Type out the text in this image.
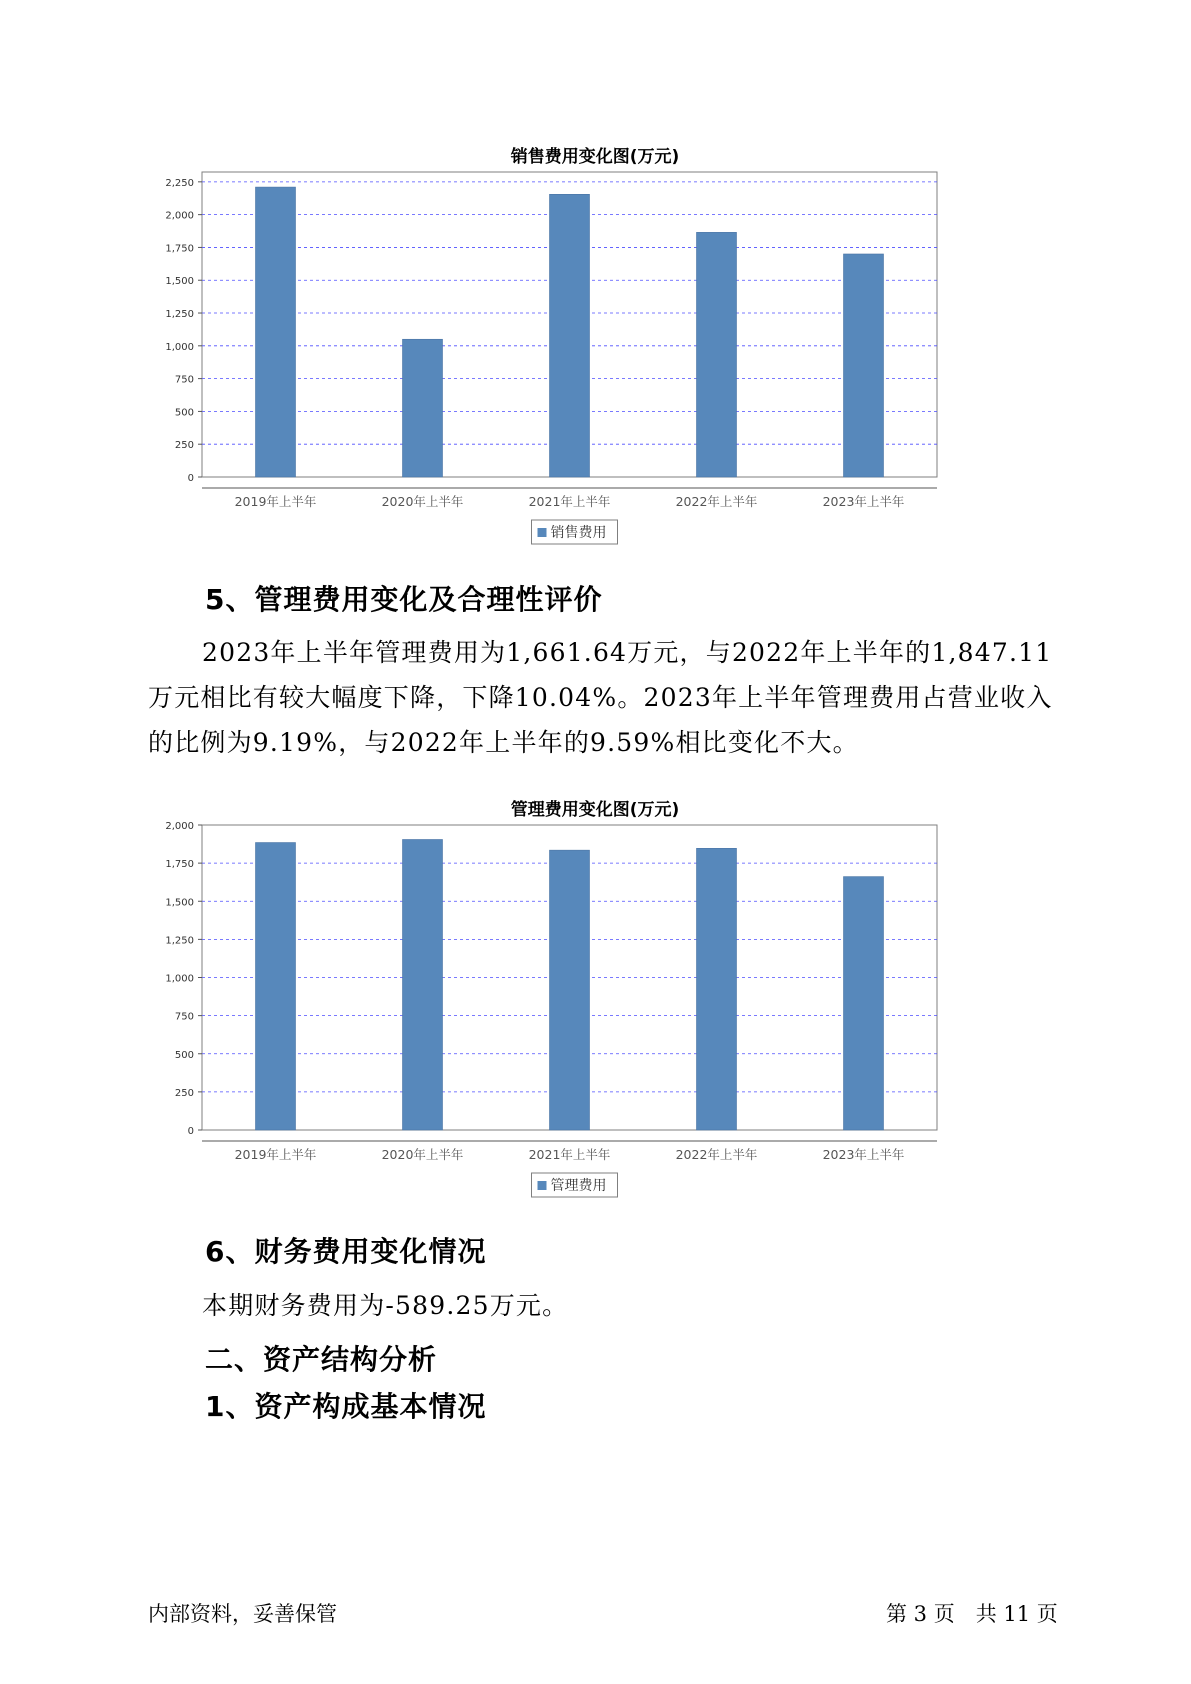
销售费用变化图(万元)
0
250
500
750
1,000
1,250
1,500
1,750
2,000
2,250
2019年上半年	2020年上半年	2021年上半年	2022年上半年	2023年上半年
销售费用
5、管理费用变化及合理性评价
2023年上半年管理费用为1,661.64万元，与2022年上半年的1,847.11万元相比有较大幅度下降，下降10.04%。2023年上半年管理费用占营业收入的比例为9.19%，与2022年上半年的9.59%相比变化不大。
管理费用变化图(万元)
0
250
500
750
1,000
1,250
1,500
1,750
2,000
2019年上半年	2020年上半年	2021年上半年	2022年上半年	2023年上半年
管理费用
6、财务费用变化情况
本期财务费用为-589.25万元。
二、资产结构分析
1、资产构成基本情况
内部资料，妥善保管	第 3 页　共 11 页
